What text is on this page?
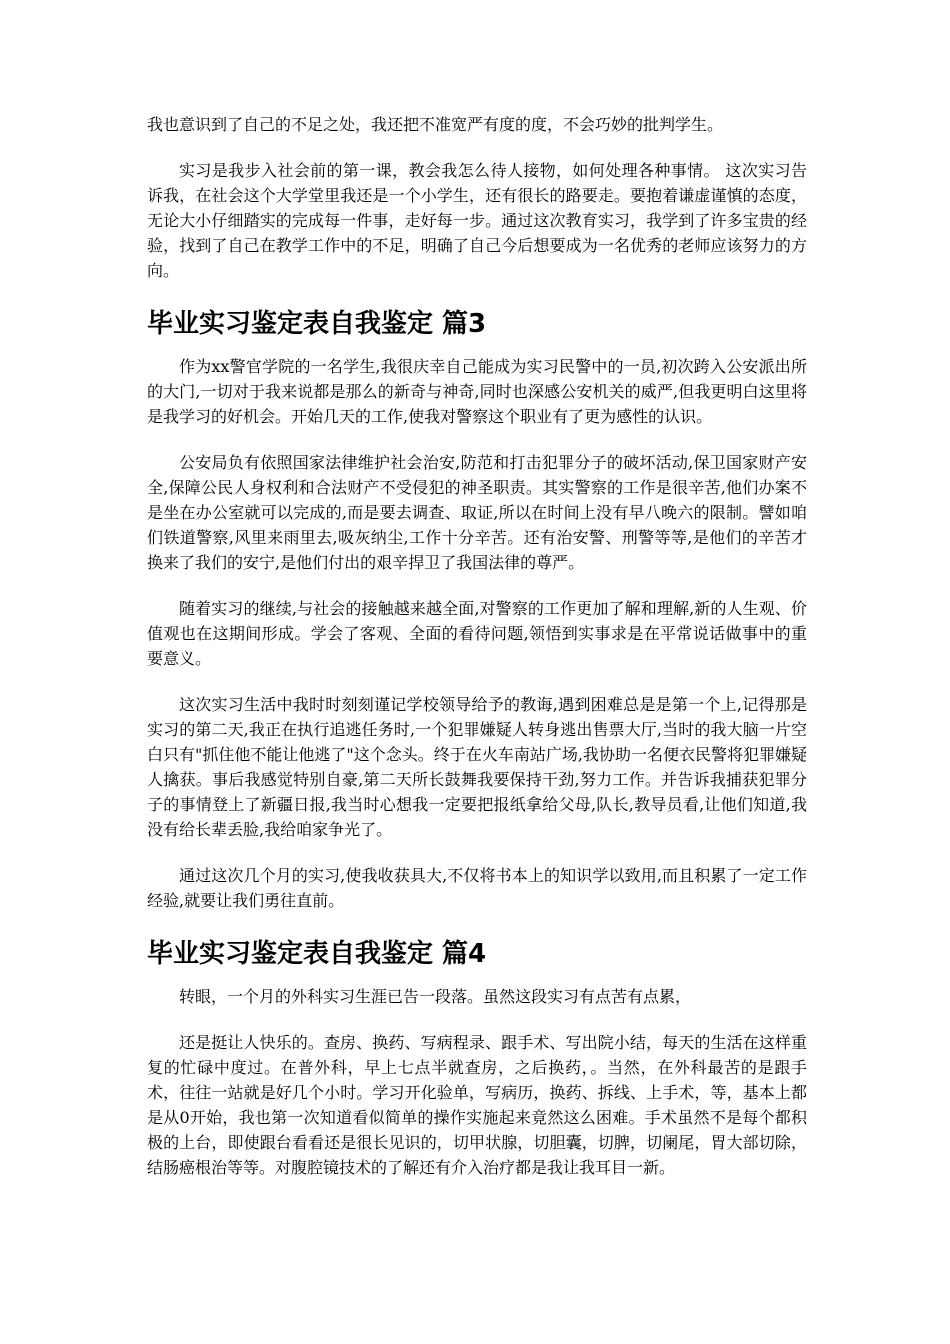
我也意识到了自己的不足之处，我还把不准宽严有度的度，不会巧妙的批判学生。

实习是我步入社会前的第一课，教会我怎么待人接物，如何处理各种事情。 这次实习告诉我，在社会这个大学堂里我还是一个小学生，还有很长的路要走。要抱着谦虚谨慎的态度，无论大小仔细踏实的完成每一件事，走好每一步。通过这次教育实习，我学到了许多宝贵的经验，找到了自己在教学工作中的不足，明确了自己今后想要成为一名优秀的老师应该努力的方向。

毕业实习鉴定表自我鉴定 篇3

作为xx警官学院的一名学生,我很庆幸自己能成为实习民警中的一员,初次跨入公安派出所的大门,一切对于我来说都是那么的新奇与神奇,同时也深感公安机关的威严,但我更明白这里将是我学习的好机会。开始几天的工作,使我对警察这个职业有了更为感性的认识。

公安局负有依照国家法律维护社会治安,防范和打击犯罪分子的破坏活动,保卫国家财产安全,保障公民人身权利和合法财产不受侵犯的神圣职责。其实警察的工作是很辛苦,他们办案不是坐在办公室就可以完成的,而是要去调查、取证,所以在时间上没有早八晚六的限制。譬如咱们铁道警察,风里来雨里去,吸灰纳尘,工作十分辛苦。还有治安警、刑警等等,是他们的辛苦才换来了我们的安宁,是他们付出的艰辛捍卫了我国法律的尊严。

随着实习的继续,与社会的接触越来越全面,对警察的工作更加了解和理解,新的人生观、价值观也在这期间形成。学会了客观、全面的看待问题,领悟到实事求是在平常说话做事中的重要意义。

这次实习生活中我时时刻刻谨记学校领导给予的教诲,遇到困难总是是第一个上,记得那是实习的第二天,我正在执行追逃任务时,一个犯罪嫌疑人转身逃出售票大厅,当时的我大脑一片空白只有"抓住他不能让他逃了"这个念头。终于在火车南站广场,我协助一名便衣民警将犯罪嫌疑人擒获。事后我感觉特别自豪,第二天所长鼓舞我要保持干劲,努力工作。并告诉我捕获犯罪分子的事情登上了新疆日报,我当时心想我一定要把报纸拿给父母,队长,教导员看,让他们知道,我没有给长辈丢脸,我给咱家争光了。

通过这次几个月的实习,使我收获具大,不仅将书本上的知识学以致用,而且积累了一定工作经验,就要让我们勇往直前。

毕业实习鉴定表自我鉴定 篇4

转眼，一个月的外科实习生涯已告一段落。虽然这段实习有点苦有点累，

还是挺让人快乐的。查房、换药、写病程录、跟手术、写出院小结，每天的生活在这样重复的忙碌中度过。在普外科，早上七点半就查房，之后换药，。当然，在外科最苦的是跟手术，往往一站就是好几个小时。学习开化验单，写病历，换药、拆线、上手术，等，基本上都是从0开始，我也第一次知道看似简单的操作实施起来竟然这么困难。手术虽然不是每个都积极的上台，即使跟台看看还是很长见识的，切甲状腺，切胆囊，切脾，切阑尾，胃大部切除，结肠癌根治等等。对腹腔镜技术的了解还有介入治疗都是我让我耳目一新。
